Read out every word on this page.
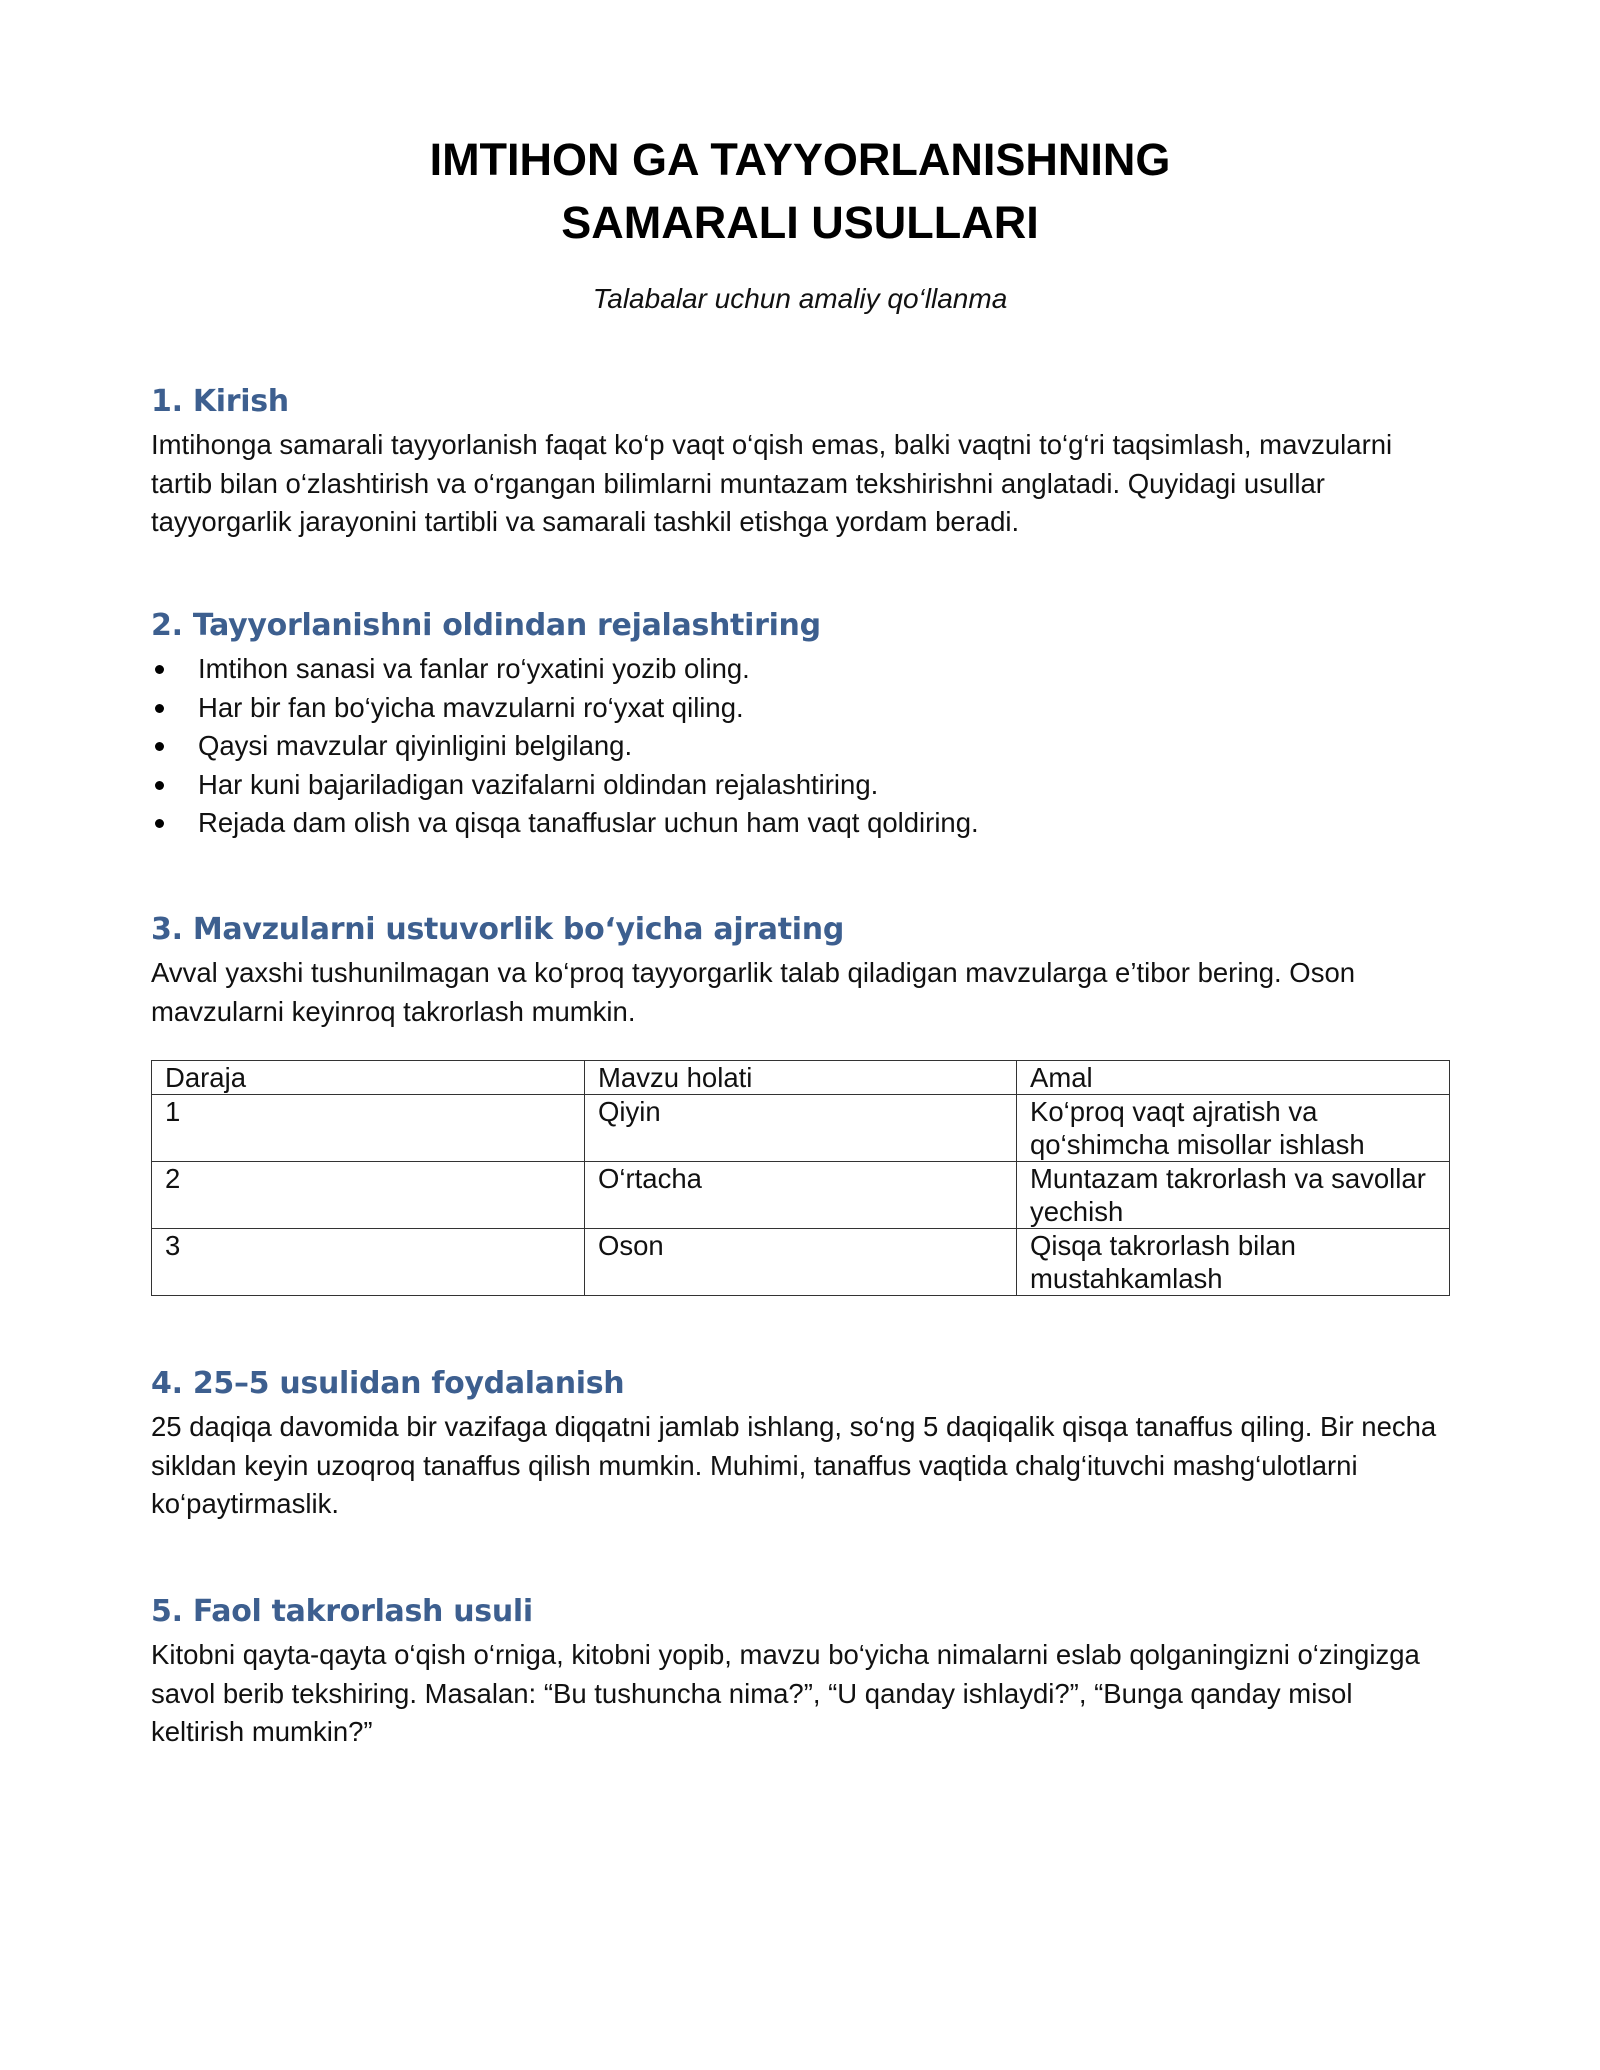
IMTIHON GA TAYYORLANISHNING
SAMARALI USULLARI

Talabalar uchun amaliy qo‘llanma

1. Kirish

Imtihonga samarali tayyorlanish faqat ko‘p vaqt o‘qish emas, balki vaqtni to‘g‘ri taqsimlash, mavzularni tartib bilan o‘zlashtirish va o‘rgangan bilimlarni muntazam tekshirishni anglatadi. Quyidagi usullar tayyorgarlik jarayonini tartibli va samarali tashkil etishga yordam beradi.

2. Tayyorlanishni oldindan rejalashtiring
Imtihon sanasi va fanlar ro‘yxatini yozib oling.
Har bir fan bo‘yicha mavzularni ro‘yxat qiling.
Qaysi mavzular qiyinligini belgilang.
Har kuni bajariladigan vazifalarni oldindan rejalashtiring.
Rejada dam olish va qisqa tanaffuslar uchun ham vaqt qoldiring.
3. Mavzularni ustuvorlik bo‘yicha ajrating

Avval yaxshi tushunilmagan va ko‘proq tayyorgarlik talab qiladigan mavzularga e’tibor bering. Oson mavzularni keyinroq takrorlash mumkin.

Daraja	Mavzu holati	Amal
1	Qiyin	Ko‘proq vaqt ajratish va qo‘shimcha misollar ishlash
2	O‘rtacha	Muntazam takrorlash va savollar yechish
3	Oson	Qisqa takrorlash bilan mustahkamlash
4. 25–5 usulidan foydalanish

25 daqiqa davomida bir vazifaga diqqatni jamlab ishlang, so‘ng 5 daqiqalik qisqa tanaffus qiling. Bir necha sikldan keyin uzoqroq tanaffus qilish mumkin. Muhimi, tanaffus vaqtida chalg‘ituvchi mashg‘ulotlarni ko‘paytirmaslik.

5. Faol takrorlash usuli

Kitobni qayta-qayta o‘qish o‘rniga, kitobni yopib, mavzu bo‘yicha nimalarni eslab qolganingizni o‘zingizga savol berib tekshiring. Masalan: “Bu tushuncha nima?”, “U qanday ishlaydi?”, “Bunga qanday misol keltirish mumkin?”
